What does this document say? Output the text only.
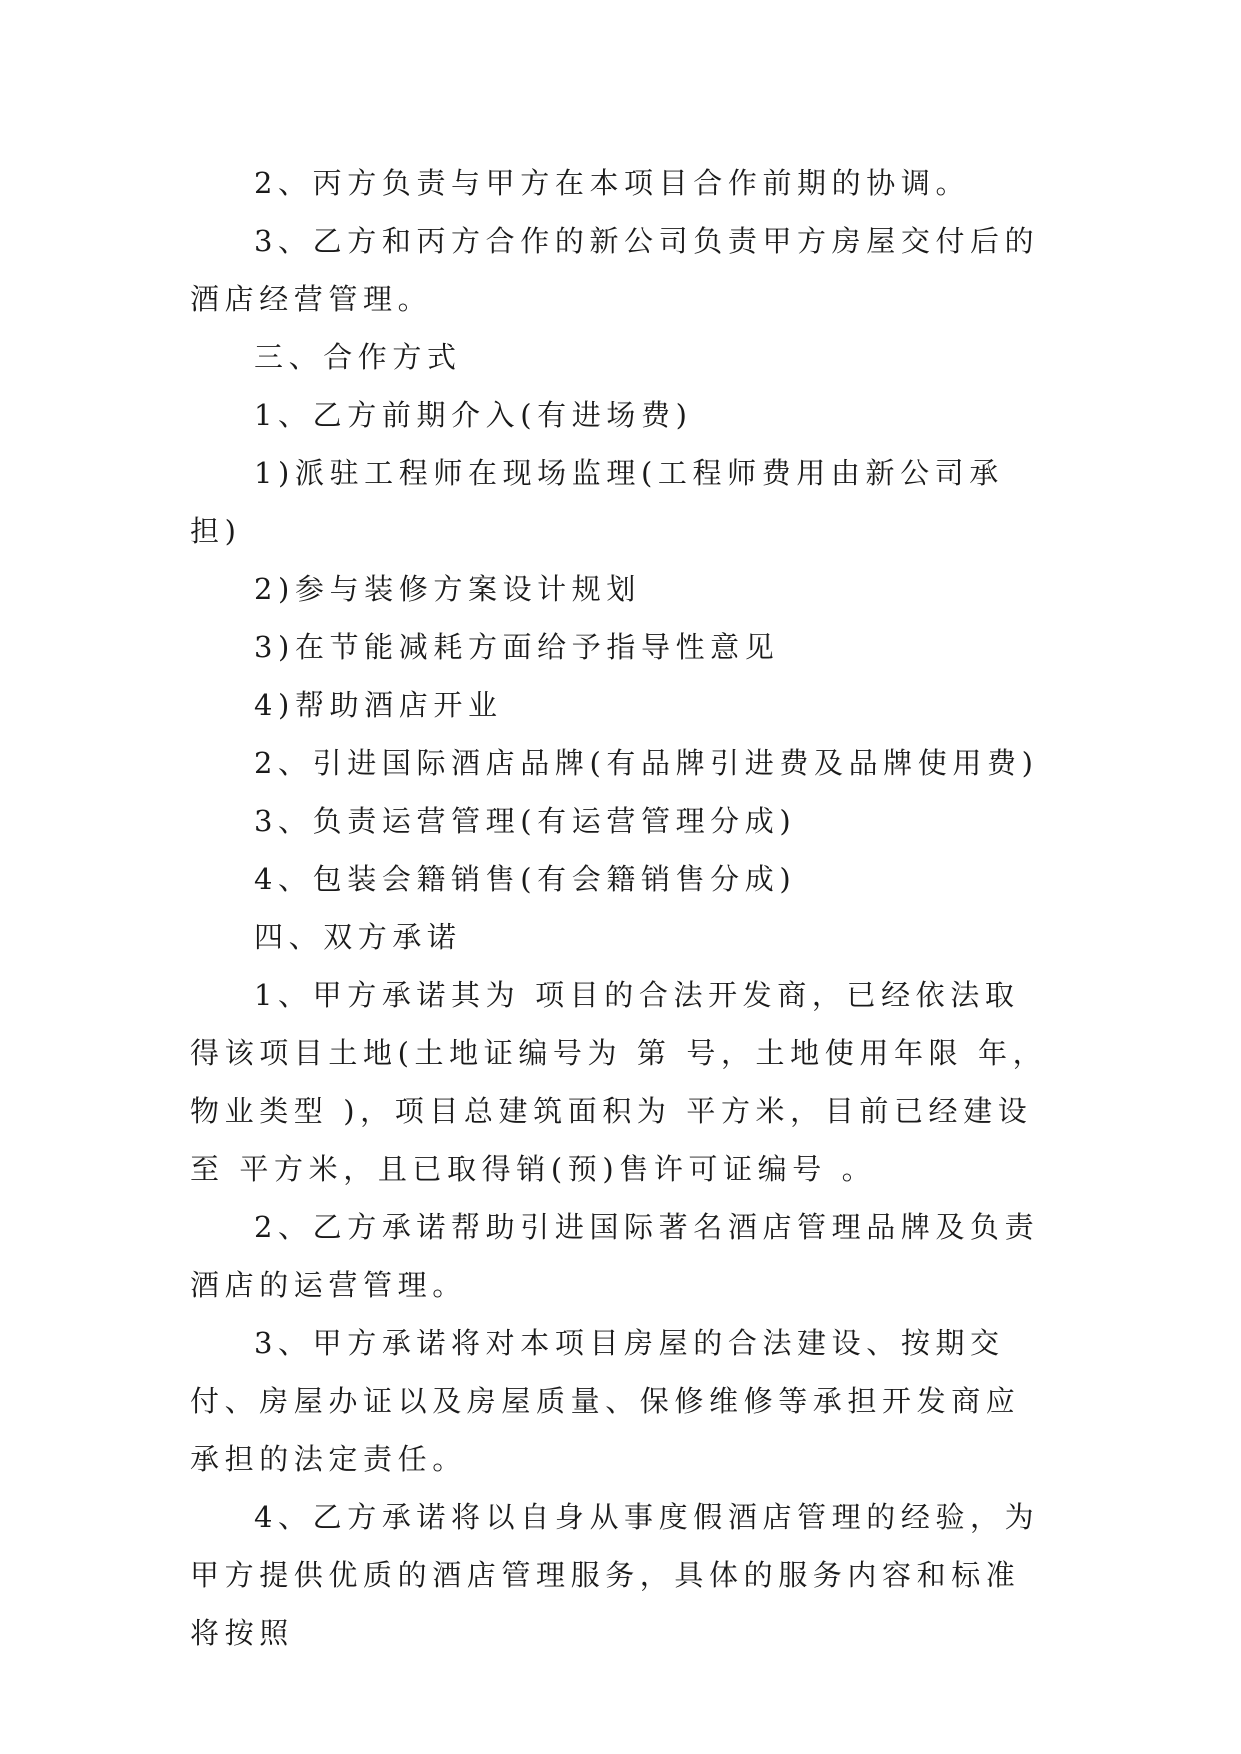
2、丙方负责与甲方在本项目合作前期的协调。

3、乙方和丙方合作的新公司负责甲方房屋交付后的酒店经营管理。

三、合作方式

1、乙方前期介入(有进场费)

1)派驻工程师在现场监理(工程师费用由新公司承担)

2)参与装修方案设计规划

3)在节能减耗方面给予指导性意见

4)帮助酒店开业

2、引进国际酒店品牌(有品牌引进费及品牌使用费)

3、负责运营管理(有运营管理分成)

4、包装会籍销售(有会籍销售分成)

四、双方承诺

1、甲方承诺其为 项目的合法开发商，已经依法取得该项目土地(土地证编号为 第 号，土地使用年限 年，物业类型 )，项目总建筑面积为 平方米，目前已经建设至 平方米，且已取得销(预)售许可证编号 。

2、乙方承诺帮助引进国际著名酒店管理品牌及负责酒店的运营管理。

3、甲方承诺将对本项目房屋的合法建设、按期交付、房屋办证以及房屋质量、保修维修等承担开发商应承担的法定责任。

4、乙方承诺将以自身从事度假酒店管理的经验，为甲方提供优质的酒店管理服务，具体的服务内容和标准将按照
